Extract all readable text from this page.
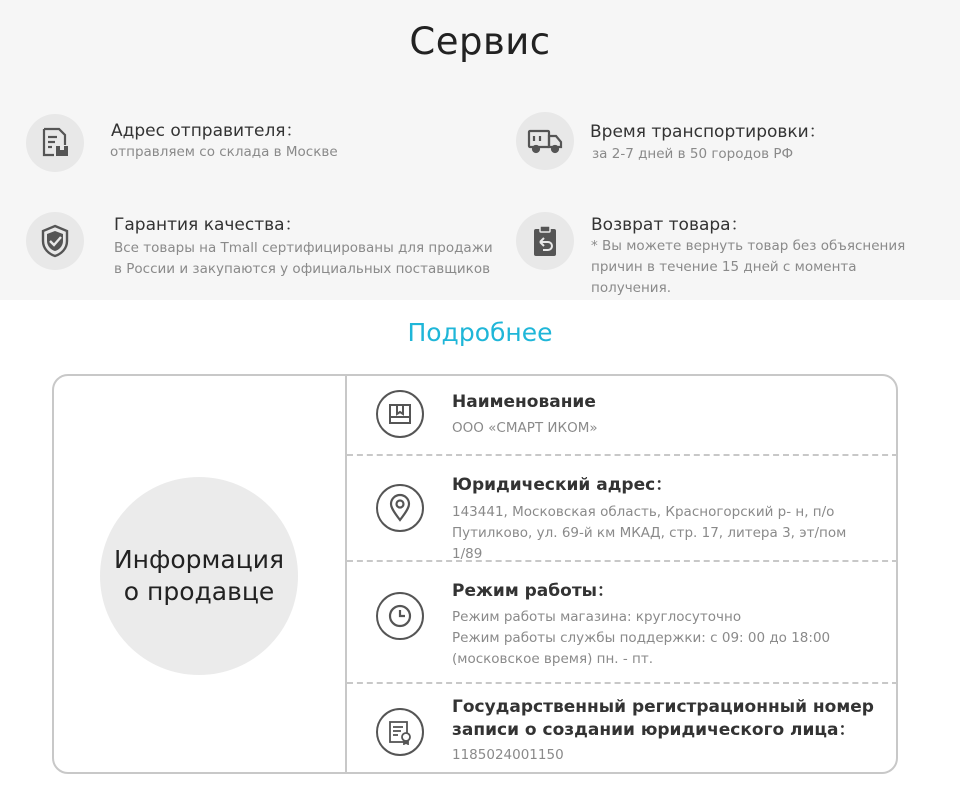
Сервис
Адрес отправителя：
отправляем со склада в Москве
Время транспортировки：
за 2-7 дней в 50 городов РФ
Гарантия качества：
Все товары на Tmall сертифицированы для продажи в России и закупаются у официальных поставщиков
Возврат товара：
* Вы можете вернуть товар без объяснения причин в течение 15 дней с момента получения.
Подробнее
Информация
о продавце
Наименование
ООО «СМАРТ ИКОМ»
Юридический адрес：
143441, Московская область, Красногорский р- н, п/о Путилково, ул. 69-й км МКАД, стр. 17, литера 3, эт/пом 1/89
Режим работы：
Режим работы магазина: круглосуточно
Режим работы службы поддержки: с 09: 00 до 18:00
(московское время) пн. - пт.
Государственный регистрационный номер записи о создании юридического лица：
1185024001150
